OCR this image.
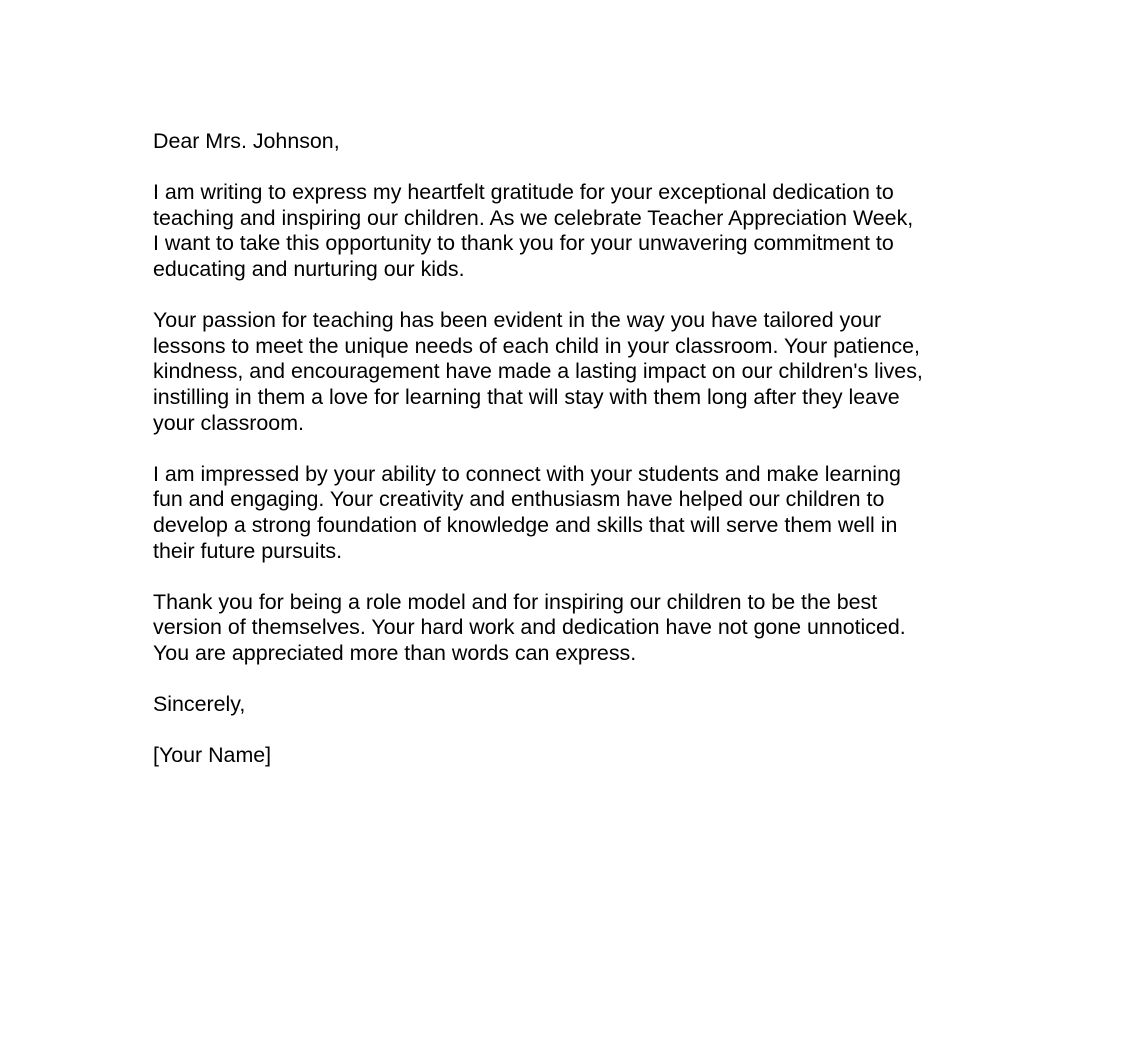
Dear Mrs. Johnson,

I am writing to express my heartfelt gratitude for your exceptional dedication to
teaching and inspiring our children. As we celebrate Teacher Appreciation Week,
I want to take this opportunity to thank you for your unwavering commitment to
educating and nurturing our kids.

Your passion for teaching has been evident in the way you have tailored your
lessons to meet the unique needs of each child in your classroom. Your patience,
kindness, and encouragement have made a lasting impact on our children's lives,
instilling in them a love for learning that will stay with them long after they leave
your classroom.

I am impressed by your ability to connect with your students and make learning
fun and engaging. Your creativity and enthusiasm have helped our children to
develop a strong foundation of knowledge and skills that will serve them well in
their future pursuits.

Thank you for being a role model and for inspiring our children to be the best
version of themselves. Your hard work and dedication have not gone unnoticed.
You are appreciated more than words can express.

Sincerely,

[Your Name]
